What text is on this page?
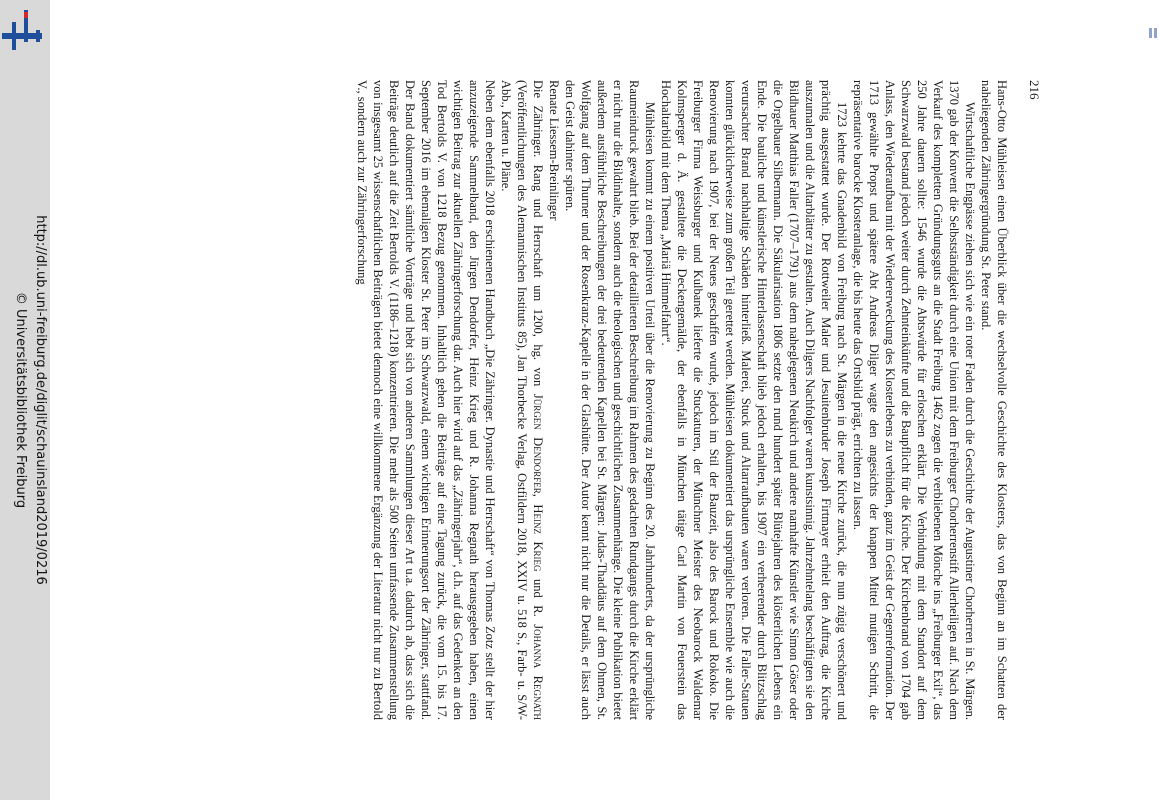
http://dl.ub.uni-freiburg.de/diglit/schauinsland2019/0216
© Universitätsbibliothek Freiburg
216

Hans-Otto Mühleisen einen Überblick über die wechselvolle Geschichte des Klosters, das von Beginn an im Schatten der naheliegenden Zähringergründung St. Peter stand.

Wirtschaftliche Engpässe ziehen sich wie ein roter Faden durch die Geschichte der Augustiner Chorherren in St. Märgen. 1370 gab der Konvent die Selbstständigkeit durch eine Union mit dem Freiburger Chorherrenstift Allerheiligen auf. Nach dem Verkauf des kompletten Gründungsguts an die Stadt Freiburg 1462 zogen die verbliebenen Mönche ins „Freiburger Exil“, das 250 Jahre dauern sollte: 1546 wurde die Abtswürde für erloschen erklärt. Die Verbindung mit dem Standort auf dem Schwarzwald bestand jedoch weiter durch Zehnteinkünfte und die Baupflicht für die Kirche. Der Kirchenbrand von 1704 gab Anlass, den Wiederaufbau mit der Wiedererweckung des Klosterlebens zu verbinden, ganz im Geist der Gegenreformation. Der 1713 gewählte Propst und spätere Abt Andreas Dilger wagte den angesichts der knappen Mittel mutigen Schritt, die repräsentative barocke Klosteranlage, die bis heute das Ortsbild prägt, errichten zu lassen.

1723 kehrte das Gnadenbild von Freiburg nach St. Märgen in die neue Kirche zurück, die nun zügig verschönert und prächtig ausgestattet wurde. Der Rottweiler Maler und Jesuitenbruder Joseph Firtmayer erhielt den Auftrag, die Kirche auszumalen und die Altarblätter zu gestalten. Auch Dilgers Nachfolger waren kunstsinnig. Jahrzehntelang beschäftigten sie den Bildhauer Matthias Faller (1707–1791) aus dem naheglegenen Neukirch und andere namhafte Künstler wie Simon Göser oder die Orgelbauer Silbermann. Die Säkularisation 1806 setzte den rund hundert später Blütejahren des klösterlichen Lebens ein Ende. Die bauliche und künstlerische Hinterlassenschaft blieb jedoch erhalten, bis 1907 ein verheerender durch Blitzschlag verursachter Brand nachhaltige Schäden hinterließ. Malerei, Stuck und Altarraufbauten waren verloren. Die Faller-Statuen konnten glücklicherweise zum großen Teil gerettet werden. Mühleisen dokumentiert das ursprüngliche Ensemble wie auch die Renovierung nach 1907, bei der Neues geschaffen wurde, jedoch im Stil der Bauzeit, also des Barock und Rokoko. Die Freiburger Firma Weissburger und Kulbanek lieferte die Stuckaturen, der Münchner Meister des Neobarock Waldemar Kolmsperger d. Ä. gestaltete die Deckengemälde, der ebenfalls in München tätige Carl Martin von Feuerstein das Hochaltarbild mit dem Thema „Mariä Himmelfahrt“.

Mühleisen kommt zu einem positiven Urteil über die Renovierung zu Beginn des 20. Jahrhunderts, da der ursprüngliche Raumeindruck gewahrt blieb. Bei der detaillierten Beschreibung im Rahmen des gedachten Rundgangs durch die Kirche erklärt er nicht nur die Bildinhalte, sondern auch die theologischen und geschichtlichen Zusammenhänge. Die kleine Publikation bietet außerdem ausführliche Beschreibungen der drei bedeutenden Kapellen bei St. Märgen: Judas-Thaddäus auf dem Ohmen, St. Wolfgang auf dem Thurner und der Rosenkranz-Kapelle in der Glashütte. Der Autor kennt nicht nur die Details, er lässt auch den Geist dahinter spüren.

Renate Liessem-Breinlinger

Die Zähringer. Rang und Herrschaft um 1200, hg. von Jürgen Dendorfer, Heinz Krieg und R. Johanna Regnath (Veröffentlichungen des Alemannischen Instituts 85), Jan Thorbecke Verlag, Ostfildern 2018, XXIV u. 518 S., Farb- u. S/W-Abb., Karten u. Pläne.

Neben dem ebenfalls 2018 erschienenen Handbuch „Die Zähringer. Dynastie und Herrschaft“ von Thomas Zotz stellt der hier anzuzeigende Sammelband, den Jürgen Dendorfer, Heinz Krieg und R. Johanna Regnath herausgegeben haben, einen wichtigen Beitrag zur aktuellen Zähringerforschung dar. Auch hier wird auf das „Zähringerjahr“, d.h. auf das Gedenken an den Tod Bertolds V. von 1218 Bezug genommen. Inhaltlich gehen die Beiträge auf eine Tagung zurück, die vom 15. bis 17. September 2016 im ehemaligen Kloster St. Peter im Schwarzwald, einem wichtigen Erinnerungsort der Zähringer, stattfand. Der Band dokumentiert sämtliche Vorträge und hebt sich von anderen Sammlungen dieser Art u.a. dadurch ab, dass sich die Beiträge deutlich auf die Zeit Bertolds V. (1186–1218) konzentrieren. Die mehr als 500 Seiten umfassende Zusammenstellung von insgesamt 25 wissenschaftlichen Beiträgen bietet dennoch eine willkommene Ergänzung der Literatur nicht nur zu Bertold V., sondern auch zur Zähringerforschung
